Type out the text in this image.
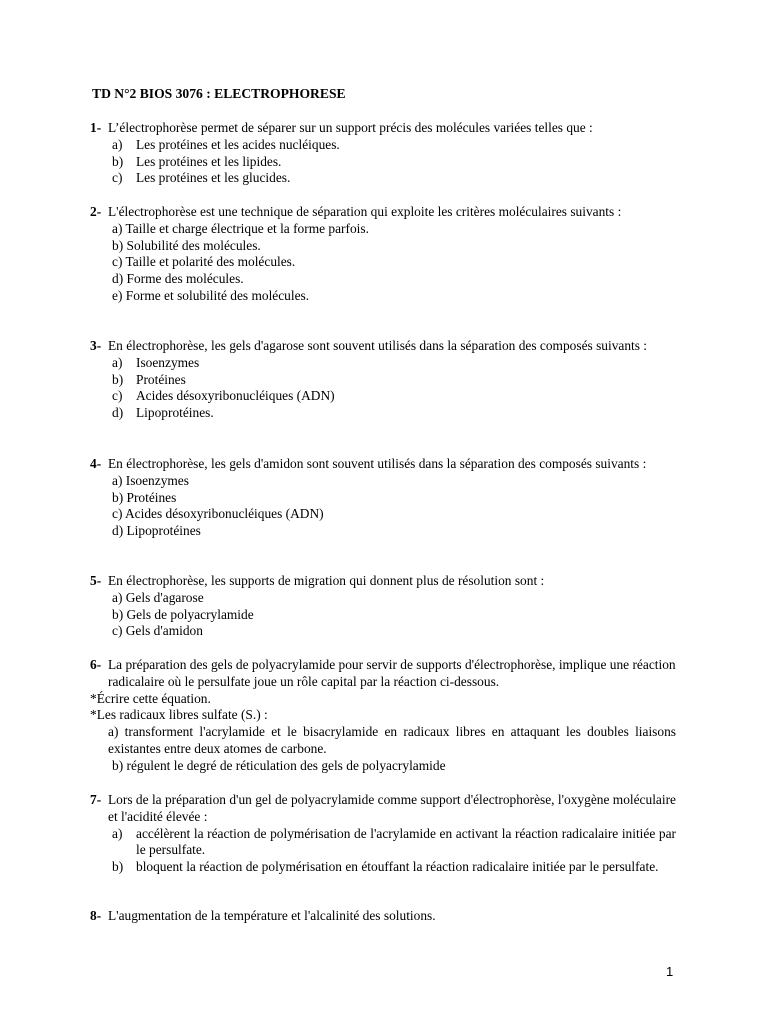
TD N°2 BIOS 3076 : ELECTROPHORESE
1- L’électrophorèse permet de séparer sur un support précis des molécules variées telles que :
a)	Les protéines et les acides nucléiques.
b) Les protéines et les lipides.
c)	Les protéines et les glucides.
2- L'électrophorèse est une technique de séparation qui exploite les critères moléculaires suivants :
a) Taille et charge électrique et la forme parfois.
b) Solubilité des molécules.
c) Taille et polarité des molécules.
d) Forme des molécules.
e) Forme et solubilité des molécules.
3- En électrophorèse, les gels d'agarose sont souvent utilisés dans la séparation des composés suivants :
a)	Isoenzymes
b) Protéines
c)	Acides désoxyribonucléiques (ADN)
d) Lipoprotéines.
4- En électrophorèse, les gels d'amidon sont souvent utilisés dans la séparation des composés suivants :
a) Isoenzymes
b) Protéines
c) Acides désoxyribonucléiques (ADN)
d) Lipoprotéines
5- En électrophorèse, les supports de migration qui donnent plus de résolution sont :
a) Gels d'agarose
b) Gels de polyacrylamide
c) Gels d'amidon
6- La préparation des gels de polyacrylamide pour servir de supports d'électrophorèse, implique une réaction radicalaire où le persulfate joue un rôle capital par la réaction ci-dessous.
*Écrire cette équation.
*Les radicaux libres sulfate (S.) :
a) transforment l'acrylamide et le bisacrylamide en radicaux libres en attaquant les doubles liaisons existantes entre deux atomes de carbone.
b) régulent le degré de réticulation des gels de polyacrylamide
7- Lors de la préparation d'un gel de polyacrylamide comme support d'électrophorèse, l'oxygène moléculaire et l'acidité élevée :
a)	accélèrent la réaction de polymérisation de l'acrylamide en activant la réaction radicalaire initiée par le persulfate.
b) bloquent la réaction de polymérisation en étouffant la réaction radicalaire initiée par le persulfate.
8- L'augmentation de la température et l'alcalinité des solutions.
1
